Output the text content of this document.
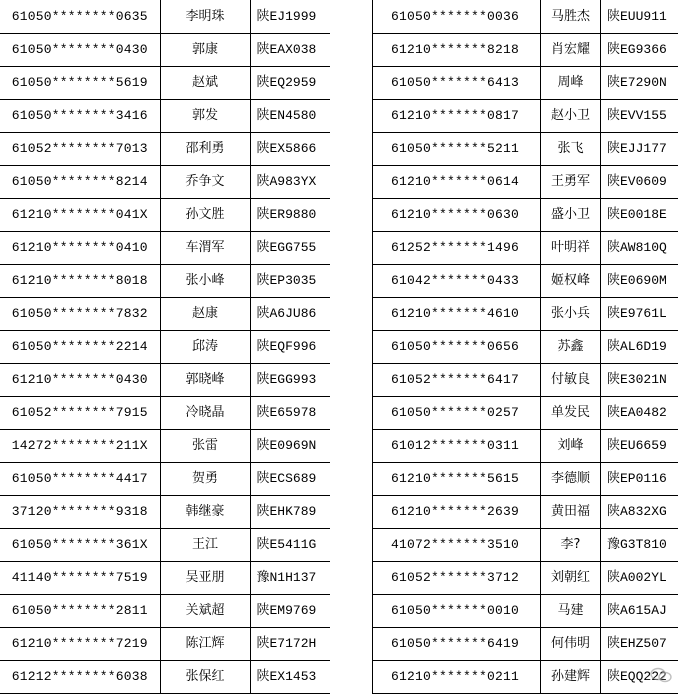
61050********0635	李明珠	陕EJ1999
61050********0430	郭康	陕EAX038
61050********5619	赵斌	陕EQ2959
61050********3416	郭发	陕EN4580
61052********7013	邵利勇	陕EX5866
61050********8214	乔争文	陕A983YX
61210********041X	孙文胜	陕ER9880
61210********0410	车渭军	陕EGG755
61210********8018	张小峰	陕EP3035
61050********7832	赵康	陕A6JU86
61050********2214	邱涛	陕EQF996
61210********0430	郭晓峰	陕EGG993
61052********7915	冷晓晶	陕E65978
14272********211X	张雷	陕E0969N
61050********4417	贺勇	陕ECS689
37120********9318	韩继豪	陕EHK789
61050********361X	王江	陕E5411G
41140********7519	吴亚朋	豫N1H137
61050********2811	关斌超	陕EM9769
61210********7219	陈江辉	陕E7172H
61212********6038	张保红	陕EX1453
61050*******0036	马胜杰	陕EUU911
61210*******8218	肖宏耀	陕EG9366
61050*******6413	周峰	陕E7290N
61210*******0817	赵小卫	陕EVV155
61050*******5211	张飞	陕EJJ177
61210*******0614	王勇军	陕EV0609
61210*******0630	盛小卫	陕E0018E
61252*******1496	叶明祥	陕AW810Q
61042*******0433	姬权峰	陕E0690M
61210*******4610	张小兵	陕E9761L
61050*******0656	苏鑫	陕AL6D19
61052*******6417	付敏良	陕E3021N
61050*******0257	单发民	陕EA0482
61012*******0311	刘峰	陕EU6659
61210*******5615	李德顺	陕EP0116
61210*******2639	黄田福	陕A832XG
41072*******3510	李?	豫G3T810
61052*******3712	刘朝红	陕A002YL
61050*******0010	马建	陕A615AJ
61050*******6419	何伟明	陕EHZ507
61210*******0211	孙建辉	陕EQQ222
